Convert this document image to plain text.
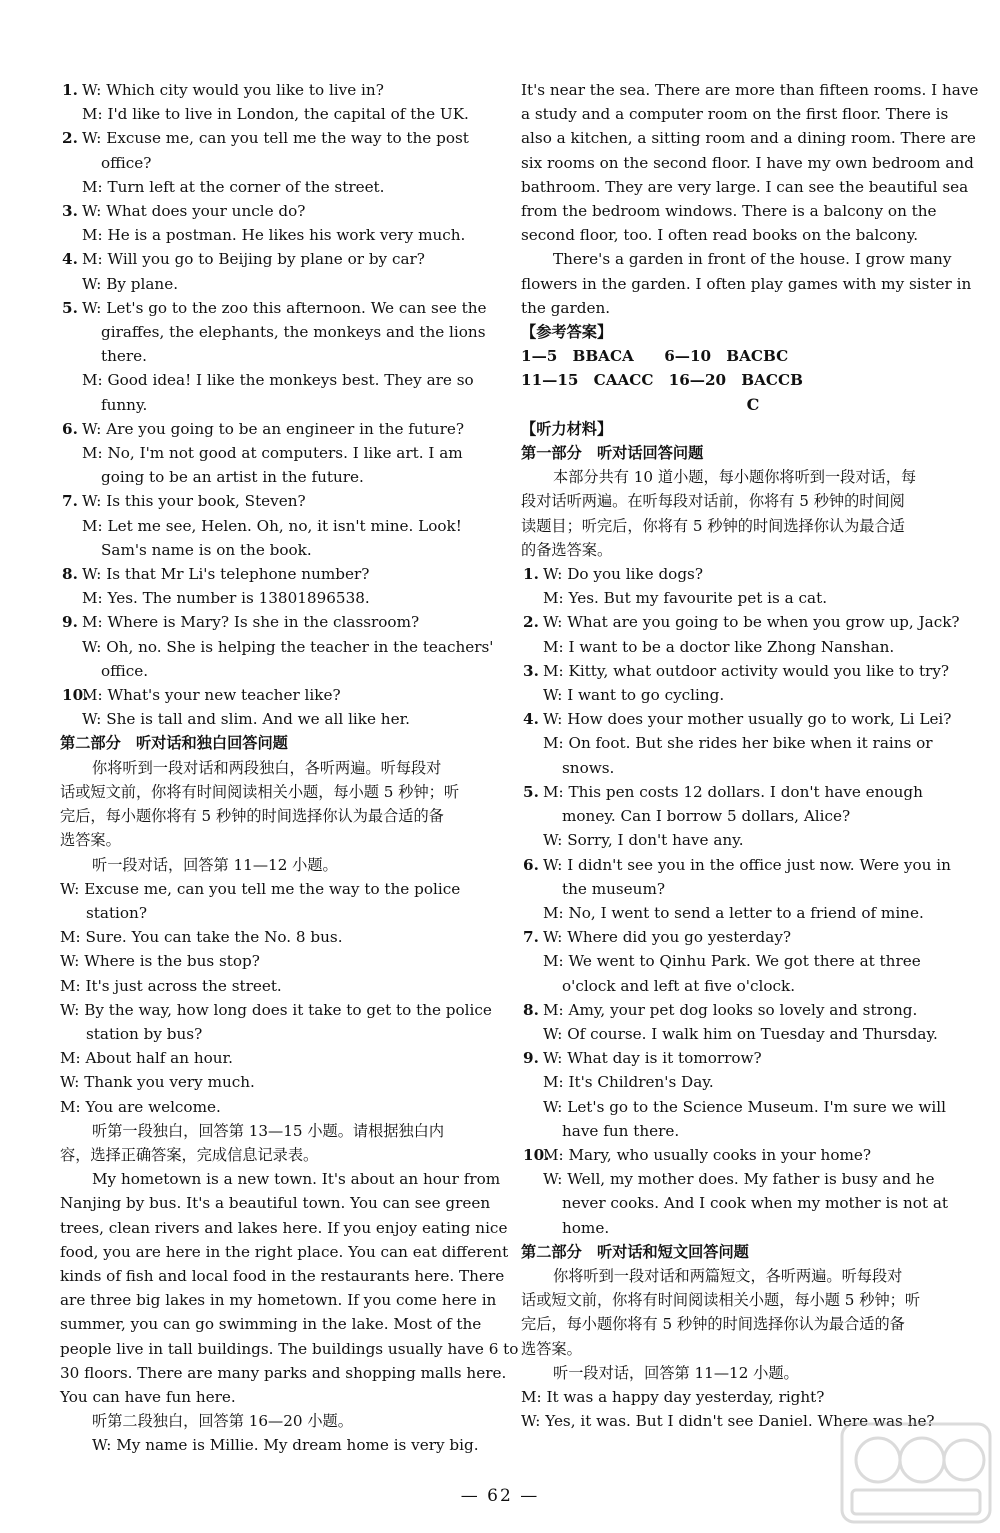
1. W: Which city would you like to live in?
M: I'd like to live in London, the capital of the UK.
2. W: Excuse me, can you tell me the way to the post
office?
M: Turn left at the corner of the street.
3. W: What does your uncle do?
M: He is a postman. He likes his work very much.
4. M: Will you go to Beijing by plane or by car?
W: By plane.
5. W: Let's go to the zoo this afternoon. We can see the
giraffes, the elephants, the monkeys and the lions
there.
M: Good idea! I like the monkeys best. They are so
funny.
6. W: Are you going to be an engineer in the future?
M: No, I'm not good at computers. I like art. I am
going to be an artist in the future.
7. W: Is this your book, Steven?
M: Let me see, Helen. Oh, no, it isn't mine. Look!
Sam's name is on the book.
8. W: Is that Mr Li's telephone number?
M: Yes. The number is 13801896538.
9. M: Where is Mary? Is she in the classroom?
W: Oh, no. She is helping the teacher in the teachers'
office.
10.
M: What's your new teacher like?
W: She is tall and slim. And we all like her.
第二部分　听对话和独白回答问题
你将听到一段对话和两段独白，各听两遍。听每段对
话或短文前，你将有时间阅读相关小题，每小题 5 秒钟；听
完后，每小题你将有 5 秒钟的时间选择你认为最合适的备
选答案。
听一段对话，回答第 11—12 小题。
W: Excuse me, can you tell me the way to the police
station?
M: Sure. You can take the No. 8 bus.
W: Where is the bus stop?
M: It's just across the street.
W: By the way, how long does it take to get to the police
station by bus?
M: About half an hour.
W: Thank you very much.
M: You are welcome.
听第一段独白，回答第 13—15 小题。请根据独白内
容，选择正确答案，完成信息记录表。
My hometown is a new town. It's about an hour from
Nanjing by bus. It's a beautiful town. You can see green
trees, clean rivers and lakes here. If you enjoy eating nice
food, you are here in the right place. You can eat different
kinds of fish and local food in the restaurants here. There
are three big lakes in my hometown. If you come here in
summer, you can go swimming in the lake. Most of the
people live in tall buildings. The buildings usually have 6 to
30 floors. There are many parks and shopping malls here.
You can have fun here.
听第二段独白，回答第 16—20 小题。
W: My name is Millie. My dream home is very big.
It's near the sea. There are more than fifteen rooms. I have
a study and a computer room on the first floor. There is
also a kitchen, a sitting room and a dining room. There are
six rooms on the second floor. I have my own bedroom and
bathroom. They are very large. I can see the beautiful sea
from the bedroom windows. There is a balcony on the
second floor, too. I often read books on the balcony.
There's a garden in front of the house. I grow many
flowers in the garden. I often play games with my sister in
the garden.
【参考答案】
1—5　BBACA　　6—10　BACBC
11—15　CAACC　16—20　BACCB
C
【听力材料】
第一部分　听对话回答问题
本部分共有 10 道小题，每小题你将听到一段对话，每
段对话听两遍。在听每段对话前，你将有 5 秒钟的时间阅
读题目；听完后，你将有 5 秒钟的时间选择你认为最合适
的备选答案。
1. W: Do you like dogs?
M: Yes. But my favourite pet is a cat.
2. W: What are you going to be when you grow up, Jack?
M: I want to be a doctor like Zhong Nanshan.
3. M: Kitty, what outdoor activity would you like to try?
W: I want to go cycling.
4. W: How does your mother usually go to work, Li Lei?
M: On foot. But she rides her bike when it rains or
snows.
5. M: This pen costs 12 dollars. I don't have enough
money. Can I borrow 5 dollars, Alice?
W: Sorry, I don't have any.
6. W: I didn't see you in the office just now. Were you in
the museum?
M: No, I went to send a letter to a friend of mine.
7. W: Where did you go yesterday?
M: We went to Qinhu Park. We got there at three
o'clock and left at five o'clock.
8. M: Amy, your pet dog looks so lovely and strong.
W: Of course. I walk him on Tuesday and Thursday.
9. W: What day is it tomorrow?
M: It's Children's Day.
W: Let's go to the Science Museum. I'm sure we will
have fun there.
10.
M: Mary, who usually cooks in your home?
W: Well, my mother does. My father is busy and he
never cooks. And I cook when my mother is not at
home.
第二部分　听对话和短文回答问题
你将听到一段对话和两篇短文，各听两遍。听每段对
话或短文前，你将有时间阅读相关小题，每小题 5 秒钟；听
完后，每小题你将有 5 秒钟的时间选择你认为最合适的备
选答案。
听一段对话，回答第 11—12 小题。
M: It was a happy day yesterday, right?
W: Yes, it was. But I didn't see Daniel. Where was he?
— 62 —
